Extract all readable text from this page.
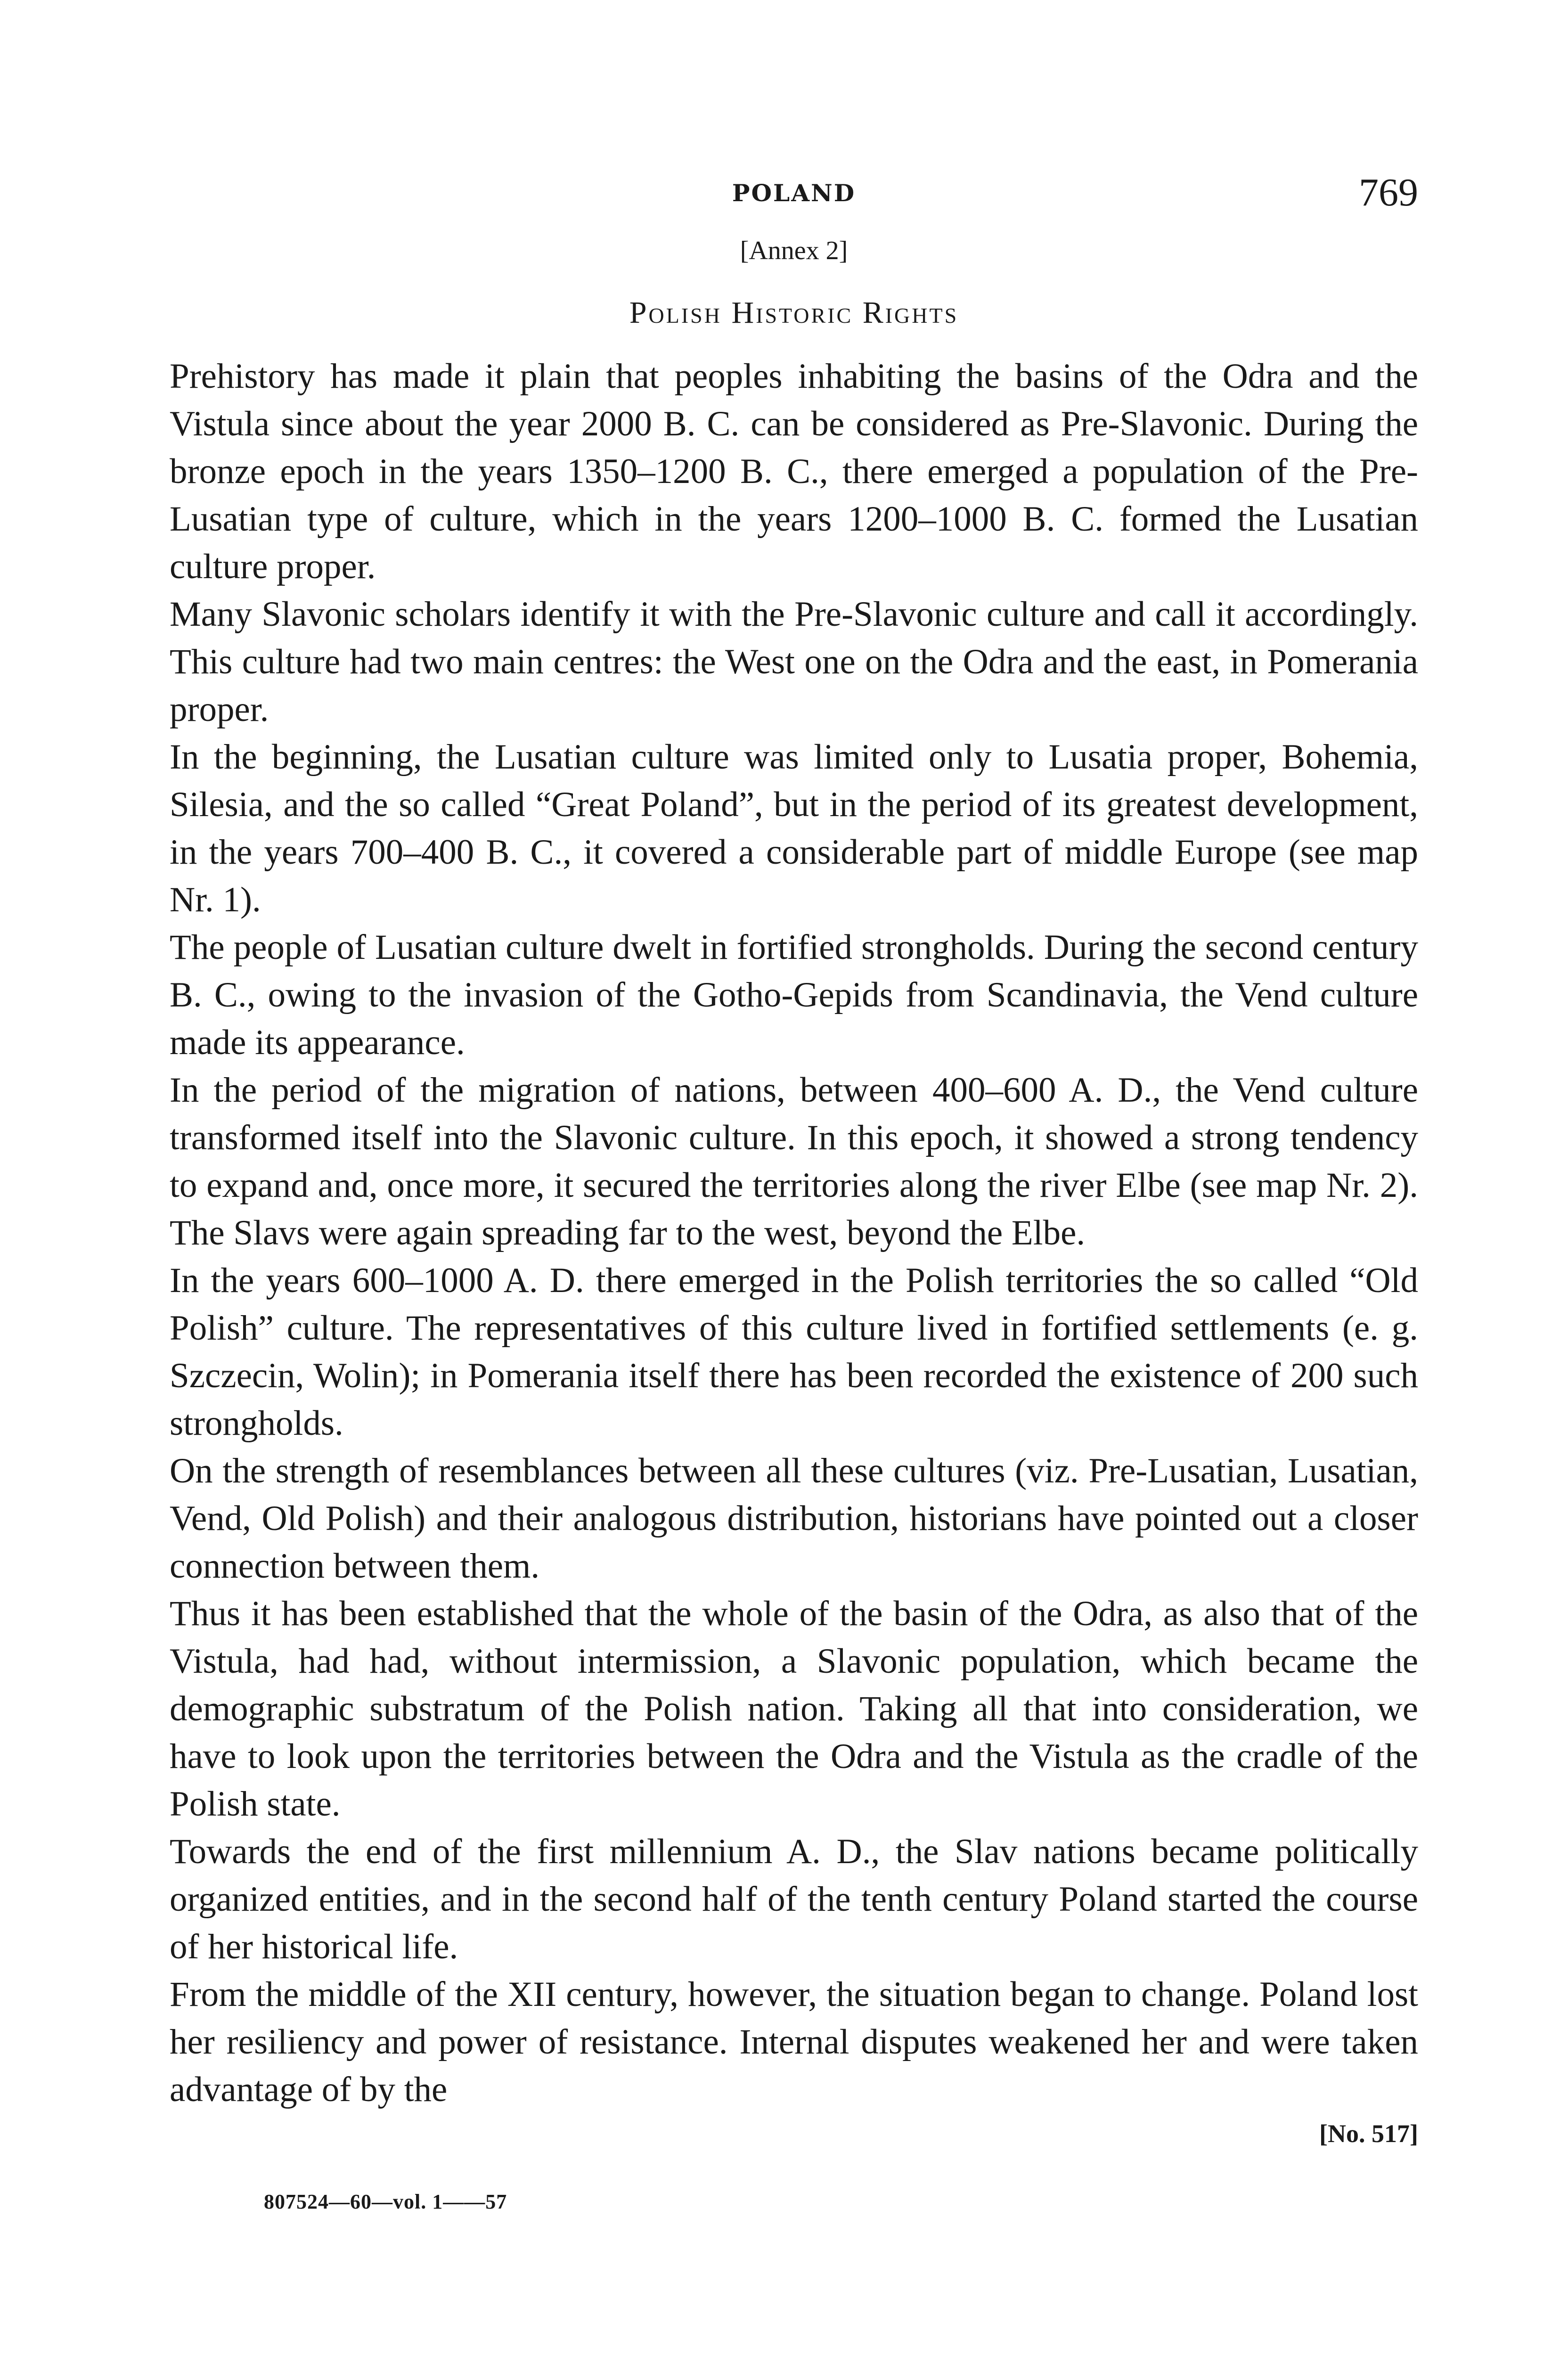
POLAND	769
[Annex 2]
Polish Historic Rights

Prehistory has made it plain that peoples inhabiting the basins of the Odra and the Vistula since about the year 2000 B. C. can be considered as Pre-Slavonic. During the bronze epoch in the years 1350–1200 B. C., there emerged a population of the Pre-Lusatian type of culture, which in the years 1200–1000 B. C. formed the Lusatian culture proper.

Many Slavonic scholars identify it with the Pre-Slavonic culture and call it accordingly. This culture had two main centres: the West one on the Odra and the east, in Pomerania proper.

In the beginning, the Lusatian culture was limited only to Lusatia proper, Bohemia, Silesia, and the so called “Great Poland”, but in the period of its greatest development, in the years 700–400 B. C., it covered a considerable part of middle Europe (see map Nr. 1).

The people of Lusatian culture dwelt in fortified strongholds. During the second century B. C., owing to the invasion of the Gotho-Gepids from Scandinavia, the Vend culture made its appearance.

In the period of the migration of nations, between 400–600 A. D., the Vend culture transformed itself into the Slavonic culture. In this epoch, it showed a strong tendency to expand and, once more, it secured the territories along the river Elbe (see map Nr. 2). The Slavs were again spreading far to the west, beyond the Elbe.

In the years 600–1000 A. D. there emerged in the Polish territories the so called “Old Polish” culture. The representatives of this culture lived in fortified settlements (e. g. Szczecin, Wolin); in Pomerania itself there has been recorded the existence of 200 such strongholds.

On the strength of resemblances between all these cultures (viz. Pre-Lusatian, Lusatian, Vend, Old Polish) and their analogous distribution, historians have pointed out a closer connection between them.

Thus it has been established that the whole of the basin of the Odra, as also that of the Vistula, had had, without intermission, a Slavonic population, which became the demographic substratum of the Polish nation. Taking all that into consideration, we have to look upon the territories between the Odra and the Vistula as the cradle of the Polish state.

Towards the end of the first millennium A. D., the Slav nations became politically organized entities, and in the second half of the tenth century Poland started the course of her historical life.

From the middle of the XII century, however, the situation began to change. Poland lost her resiliency and power of resistance. Internal disputes weakened her and were taken advantage of by the

[No. 517]
807524—60—vol. 1——57
